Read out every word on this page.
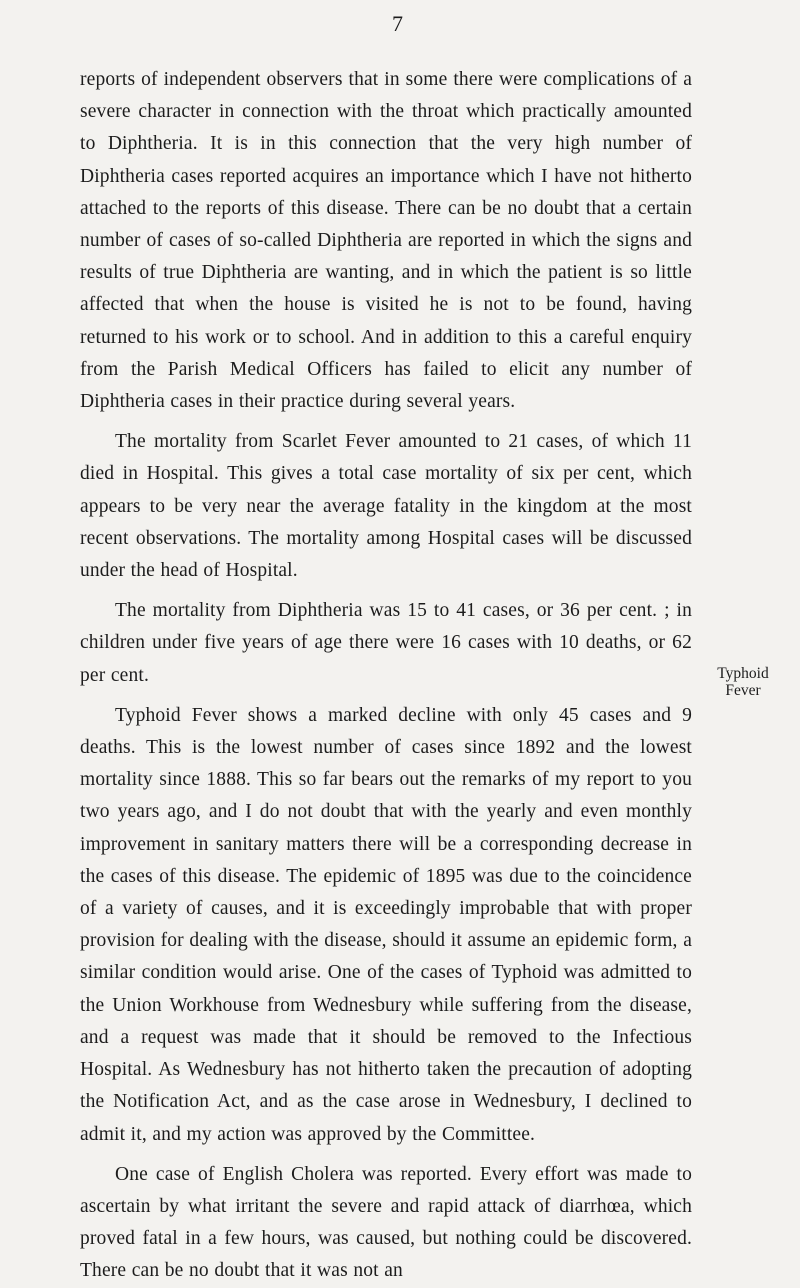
7

reports of independent observers that in some there were complications of a severe character in connection with the throat which practically amounted to Diphtheria. It is in this connection that the very high number of Diphtheria cases reported acquires an importance which I have not hitherto attached to the reports of this disease. There can be no doubt that a certain number of cases of so-called Diphtheria are reported in which the signs and results of true Diphtheria are wanting, and in which the patient is so little affected that when the house is visited he is not to be found, having returned to his work or to school. And in addition to this a careful enquiry from the Parish Medical Officers has failed to elicit any number of Diphtheria cases in their practice during several years.

The mortality from Scarlet Fever amounted to 21 cases, of which 11 died in Hospital. This gives a total case mortality of six per cent, which appears to be very near the average fatality in the kingdom at the most recent observations. The mortality among Hospital cases will be discussed under the head of Hospital.

The mortality from Diphtheria was 15 to 41 cases, or 36 per cent. ; in children under five years of age there were 16 cases with 10 deaths, or 62 per cent.

Typhoid Fever shows a marked decline with only 45 cases and 9 deaths. This is the lowest number of cases since 1892 and the lowest mortality since 1888. This so far bears out the remarks of my report to you two years ago, and I do not doubt that with the yearly and even monthly improvement in sanitary matters there will be a corresponding decrease in the cases of this disease. The epidemic of 1895 was due to the coincidence of a variety of causes, and it is exceedingly improbable that with proper provision for dealing with the disease, should it assume an epidemic form, a similar condition would arise. One of the cases of Typhoid was admitted to the Union Workhouse from Wednesbury while suffering from the disease, and a request was made that it should be removed to the Infectious Hospital. As Wednesbury has not hitherto taken the precaution of adopting the Notification Act, and as the case arose in Wednesbury, I declined to admit it, and my action was approved by the Committee.

One case of English Cholera was reported. Every effort was made to ascertain by what irritant the severe and rapid attack of diarrhœa, which proved fatal in a few hours, was caused, but nothing could be discovered. There can be no doubt that it was not an

Typhoid
Fever
